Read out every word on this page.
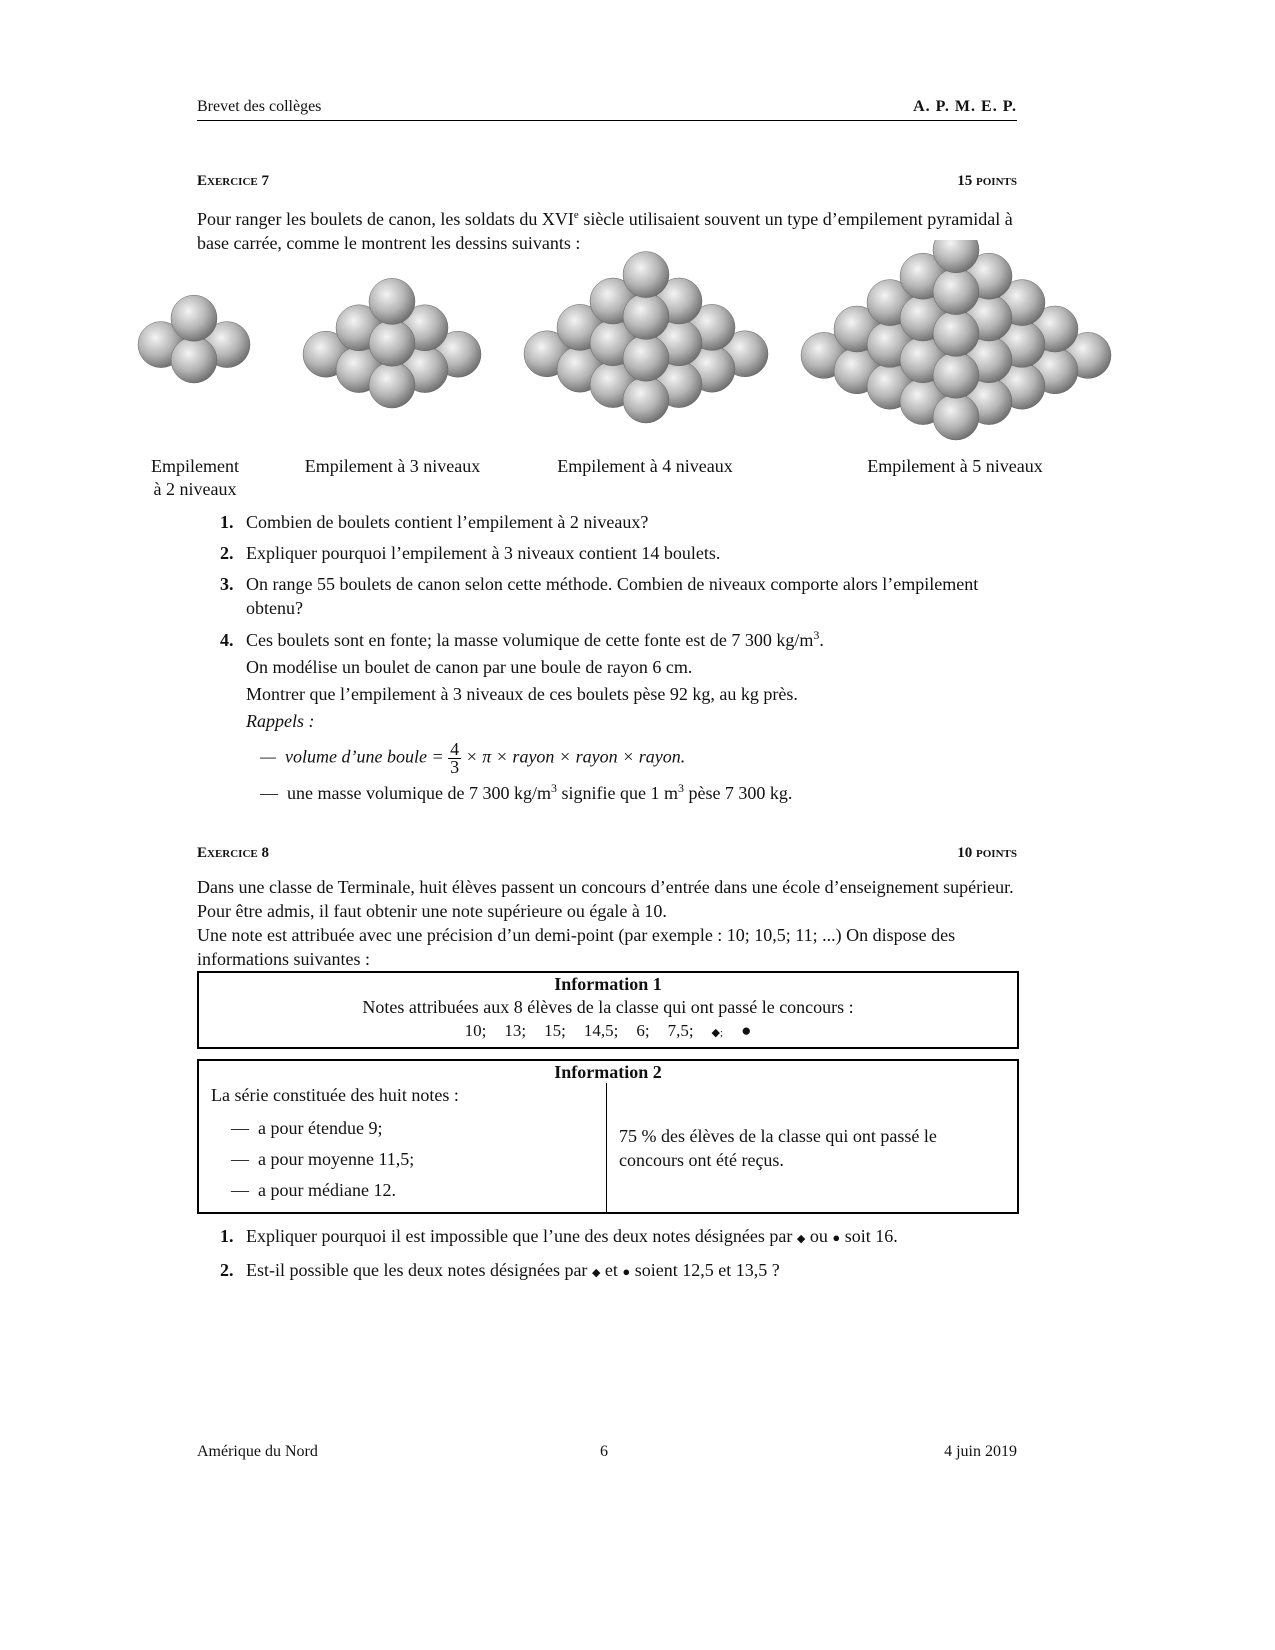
Brevet des collèges	A. P. M. E. P.
Exercice 7	15 points
Pour ranger les boulets de canon, les soldats du XVIe siècle utilisaient souvent un type d’empilement pyramidal à base carrée, comme le montrent les dessins suivants :
Empilement
à 2 niveaux
Empilement à 3 niveaux	Empilement à 4 niveaux	Empilement à 5 niveaux
1. Combien de boulets contient l’empilement à 2 niveaux?
2. Expliquer pourquoi l’empilement à 3 niveaux contient 14 boulets.
3. On range 55 boulets de canon selon cette méthode. Combien de niveaux comporte alors l’empilement obtenu?
4. Ces boulets sont en fonte; la masse volumique de cette fonte est de 7 300 $kg/m^3$.
On modélise un boulet de canon par une boule de rayon 6 cm.
Montrer que l’empilement à 3 niveaux de ces boulets pèse 92 kg, au kg près.
Rappels :
—  volume d’une boule = $\frac{4}{3} \times \pi$ × rayon × rayon × rayon.
—  une masse volumique de 7 300 $kg/m^3$ signifie que 1 $m^3$ pèse 7 300 kg.
Exercice 8	10 points
Dans une classe de Terminale, huit élèves passent un concours d’entrée dans une école d’enseignement supérieur.
Pour être admis, il faut obtenir une note supérieure ou égale à 10.
Une note est attribuée avec une précision d’un demi-point (par exemple : 10; 10,5; 11; ...) On dispose des informations suivantes :
Information 1
Notes attribuées aux 8 élèves de la classe qui ont passé le concours :
10; 13; 15; 14,5; 6; 7,5; ◆; ●
Information 2
La série constituée des huit notes :
—  a pour étendue 9;
—  a pour moyenne 11,5;
—  a pour médiane 12.
75 % des élèves de la classe qui ont passé le concours ont été reçus.
1. Expliquer pourquoi il est impossible que l’une des deux notes désignées par ◆ ou ● soit 16.
2. Est-il possible que les deux notes désignées par ◆ et ● soient 12,5 et 13,5 ?
Amérique du Nord	6	4 juin 2019
